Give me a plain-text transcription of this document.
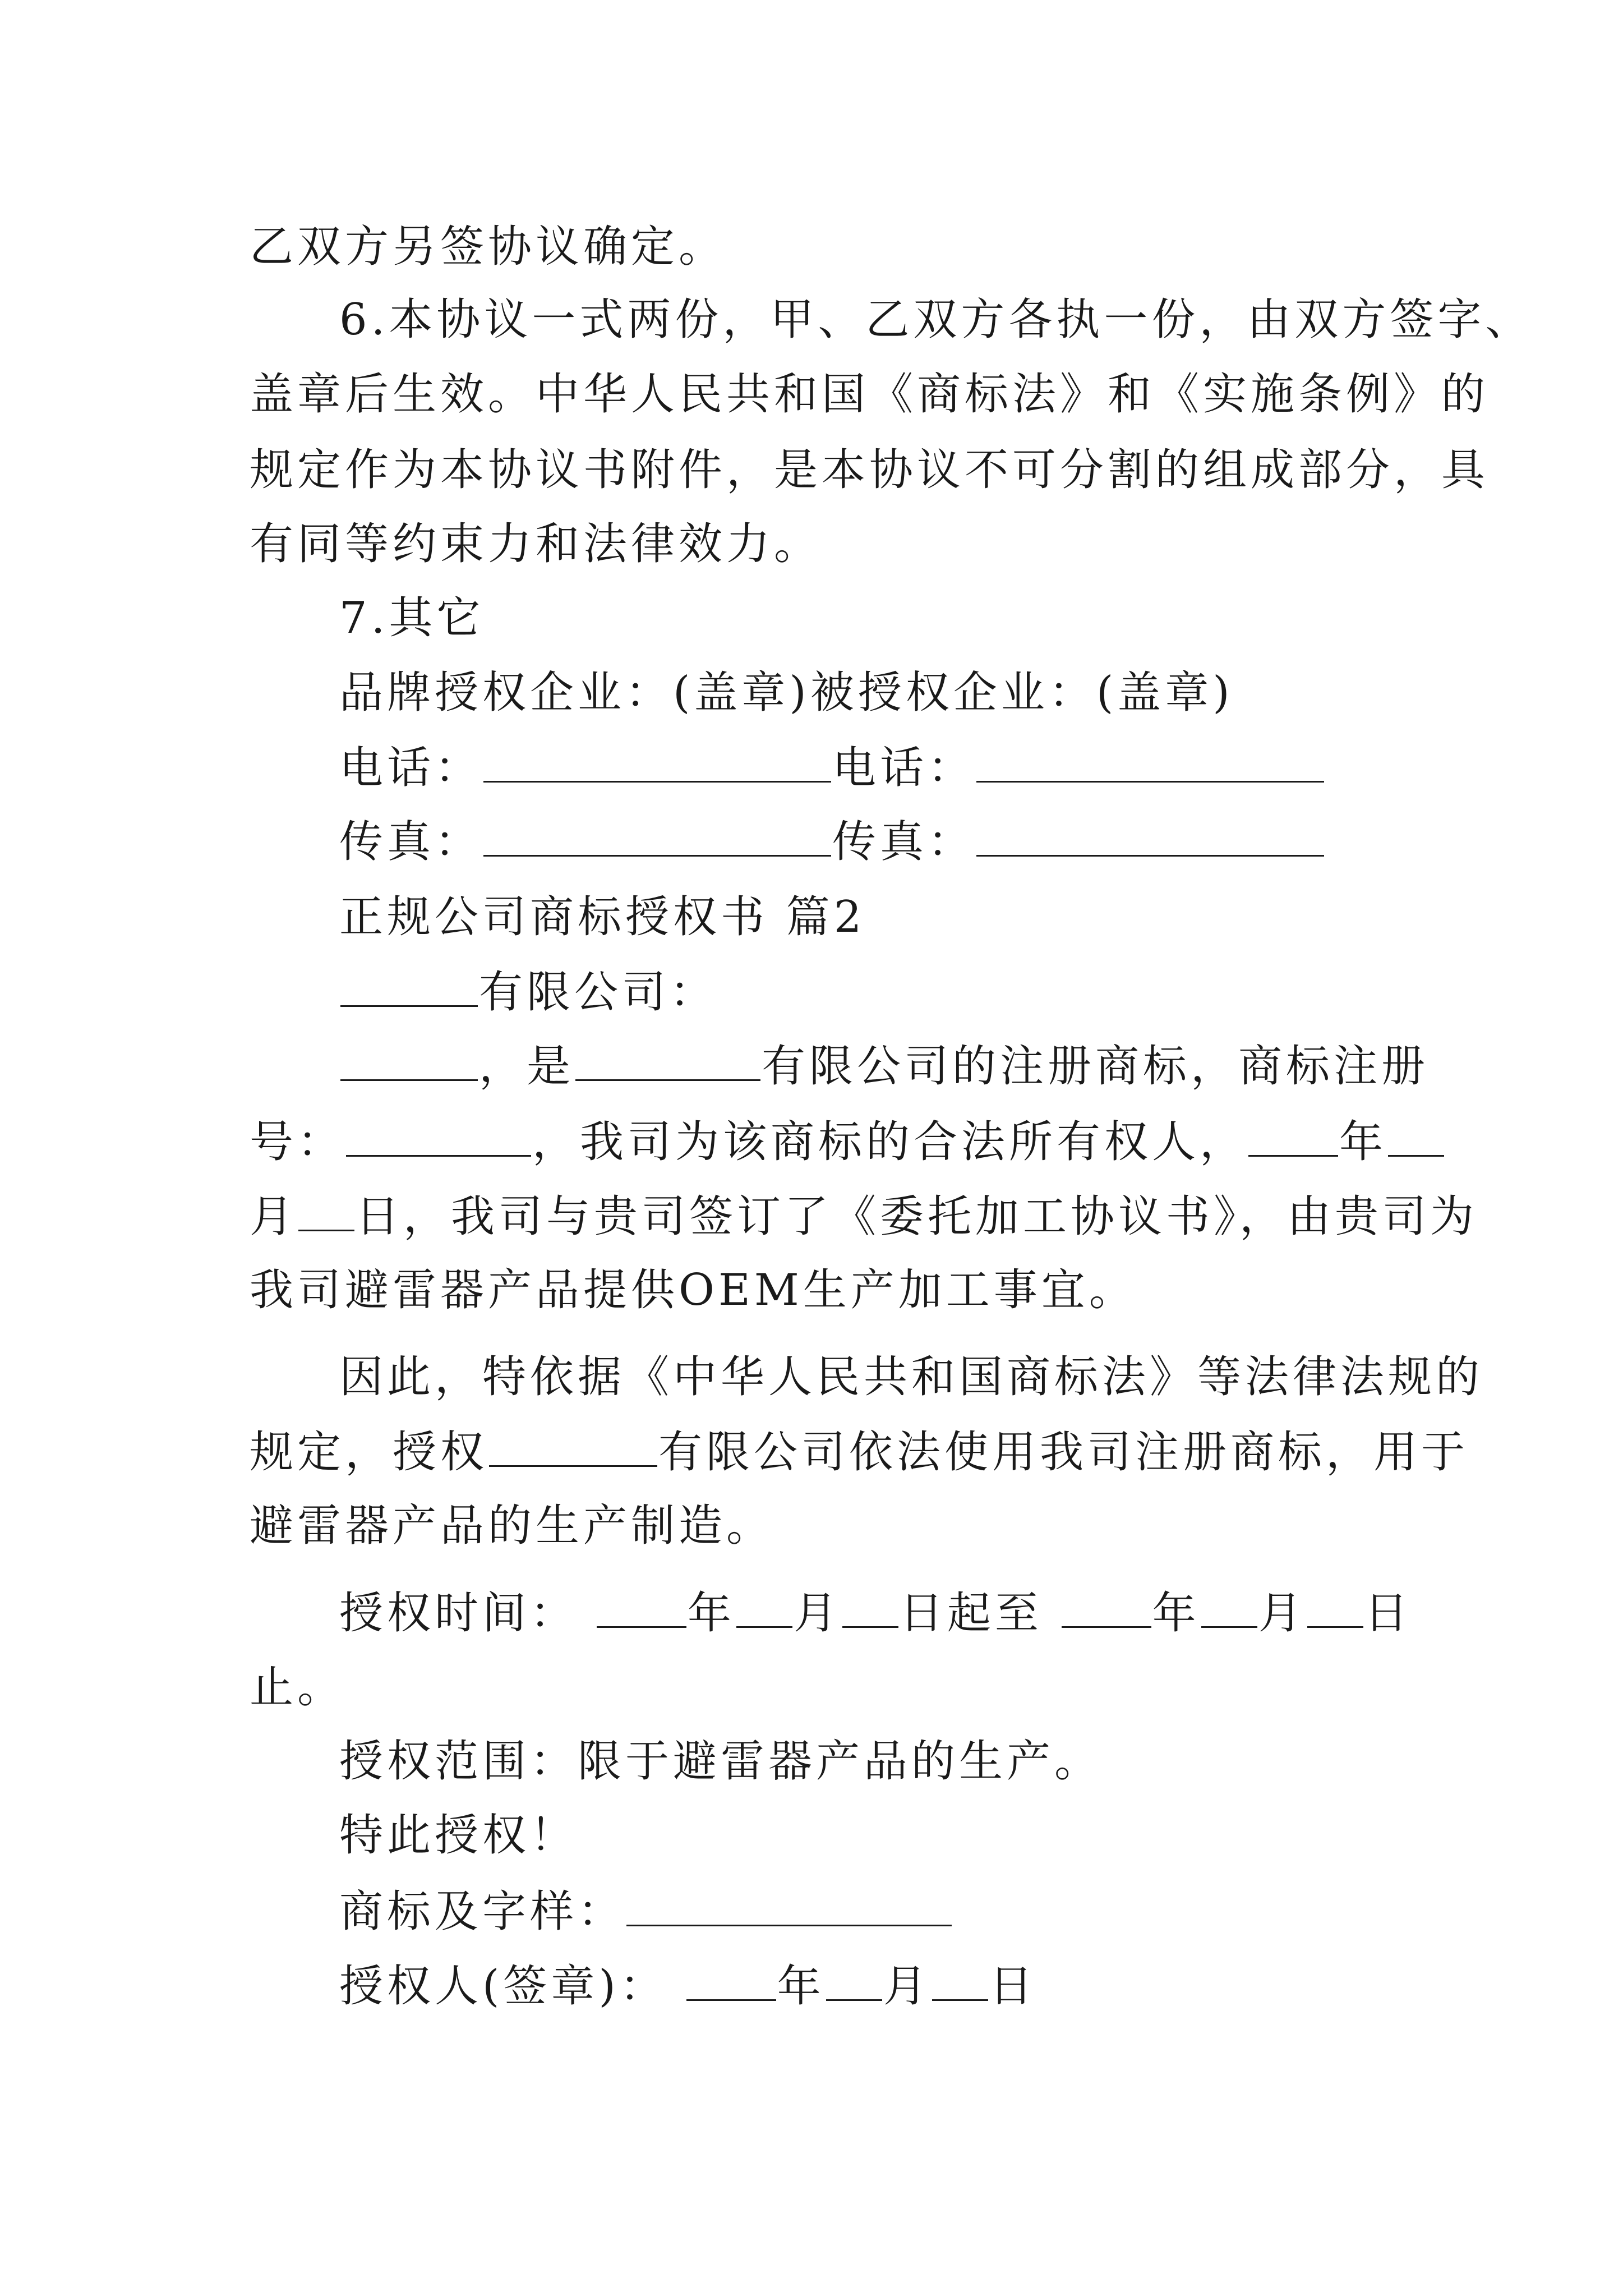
乙双方另签协议确定。
6.本协议一式两份，甲、乙双方各执一份，由双方签字、
盖章后生效。中华人民共和国《商标法》和《实施条例》的
规定作为本协议书附件，是本协议不可分割的组成部分，具
有同等约束力和法律效力。
7.其它
品牌授权企业：(盖章)被授权企业：(盖章)
电话：	电话：
传真：	传真：
正规公司商标授权书 篇2
有限公司：
，是	有限公司的注册商标，商标注册
号：	，我司为该商标的合法所有权人， 年
月 日，我司与贵司签订了《委托加工协议书》，由贵司为
我司避雷器产品提供OEM生产加工事宜。
因此，特依据《中华人民共和国商标法》等法律法规的
规定，授权	有限公司依法使用我司注册商标，用于
避雷器产品的生产制造。
授权时间：	年 月 日起至	年 月 日
止。
授权范围：限于避雷器产品的生产。
特此授权！
商标及字样：
授权人(签章)：	年 月 日
